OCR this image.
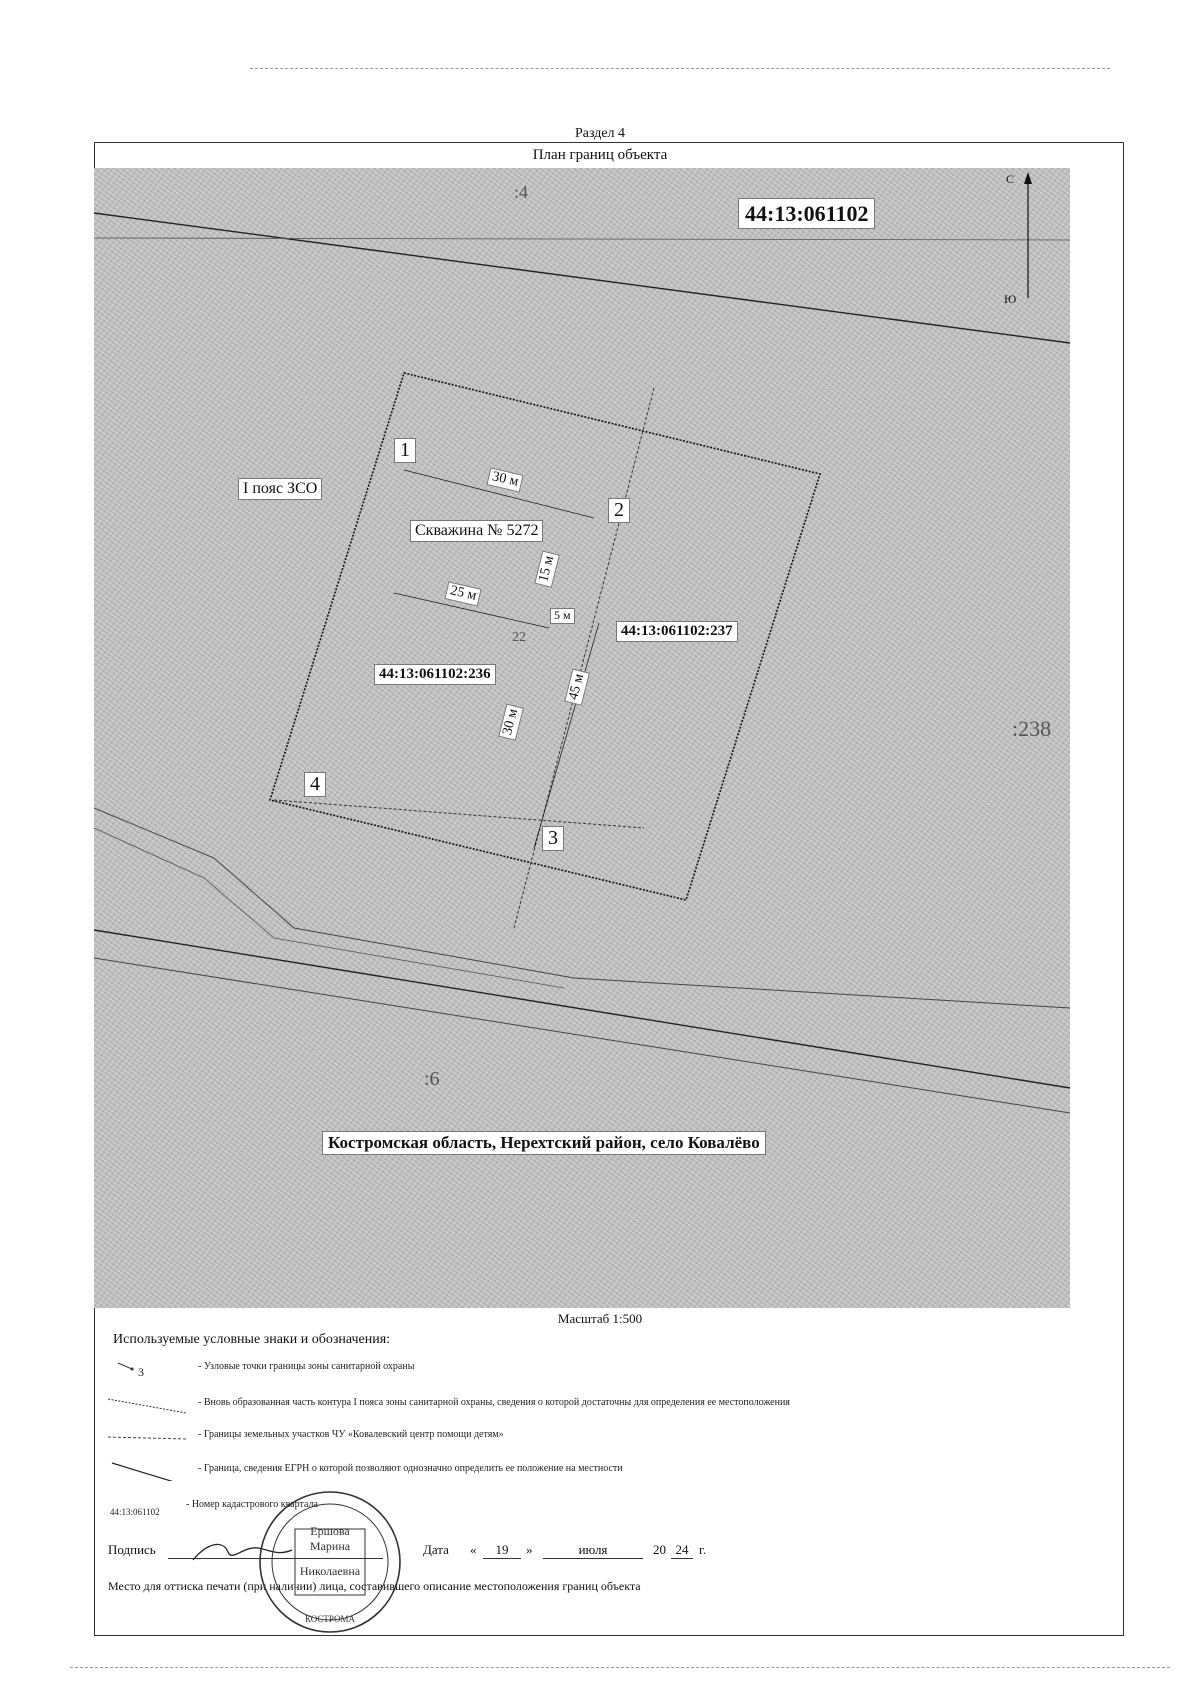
Раздел 4
План границ объекта
44:13:061102
:4
:238
:6
22
I пояс ЗСО
Скважина № 5272
44:13:061102:236
44:13:061102:237
1
2
3
4
30 м
15 м
25 м
5 м
45 м
30 м
Костромская область, Нерехтский район, село Ковалёво
С
Ю
Масштаб 1:500
Используемые условные знаки и обозначения:
3	- Узловые точки границы зоны санитарной охраны
- Вновь образованная часть контура I пояса зоны санитарной охраны, сведения о которой достаточны для определения ее местоположения
- Границы земельных участков ЧУ «Ковалевский центр помощи детям»
- Граница, сведения ЕГРН о которой позволяют однозначно определить ее положение на местности
44:13:061102
- Номер кадастрового квартала
Подпись	Дата «	19	»	июля	20 24 г.
Место для оттиска печати (при наличии) лица, составившего описание местоположения границ объекта
Ершова
Марина
Николаевна
КОСТРОМА
